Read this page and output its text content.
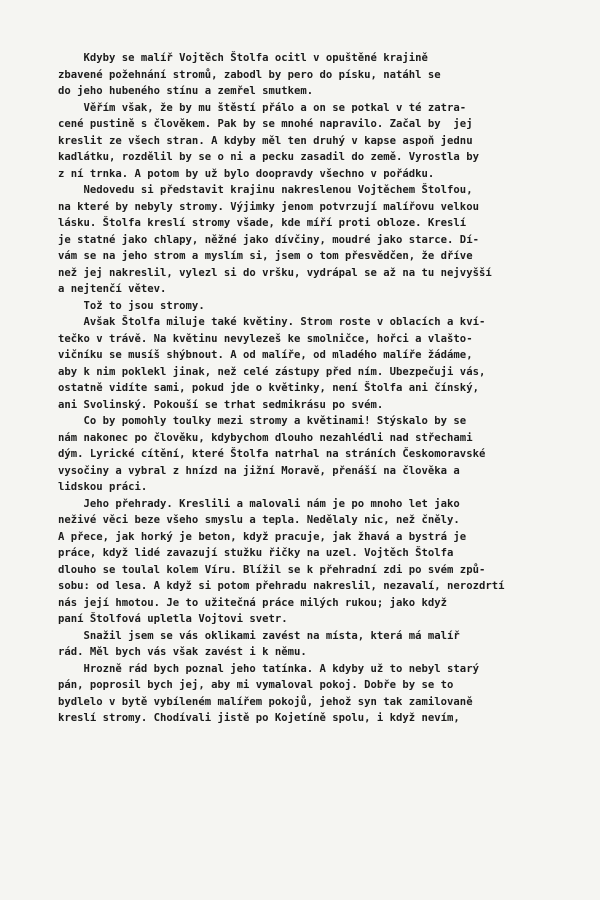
Kdyby se malíř Vojtěch Štolfa ocitl v opuštěné krajině
zbavené požehnání stromů, zabodl by pero do písku, natáhl se
do jeho hubeného stínu a zemřel smutkem.
Věřím však, že by mu štěstí přálo a on se potkal v té zatra-
cené pustině s člověkem. Pak by se mnohé napravilo. Začal by  jej
kreslit ze všech stran. A kdyby měl ten druhý v kapse aspoň jednu
kadlátku, rozdělil by se o ni a pecku zasadil do země. Vyrostla by
z ní trnka. A potom by už bylo doopravdy všechno v pořádku.
Nedovedu si představit krajinu nakreslenou Vojtěchem Štolfou,
na které by nebyly stromy. Výjimky jenom potvrzují malířovu velkou
lásku. Štolfa kreslí stromy všade, kde míří proti obloze. Kreslí
je statné jako chlapy, něžné jako dívčiny, moudré jako starce. Dí-
vám se na jeho strom a myslím si, jsem o tom přesvědčen, že dříve
než jej nakreslil, vylezl si do vršku, vydrápal se až na tu nejvyšší
a nejtenčí větev.
Tož to jsou stromy.
Avšak Štolfa miluje také květiny. Strom roste v oblacích a kví-
tečko v trávě. Na květinu nevylezeš ke smolničce, hořci a vlašto-
vičníku se musíš shýbnout. A od malíře, od mladého malíře žádáme,
aby k nim poklekl jinak, než celé zástupy před ním. Ubezpečuji vás,
ostatně vidíte sami, pokud jde o květinky, není Štolfa ani čínský,
ani Svolinský. Pokouší se trhat sedmikrásu po svém.
Co by pomohly toulky mezi stromy a květinami! Stýskalo by se
nám nakonec po člověku, kdybychom dlouho nezahlédli nad střechami
dým. Lyrické cítění, které Štolfa natrhal na stráních Českomoravské
vysočiny a vybral z hnízd na jižní Moravě, přenáší na člověka a
lidskou práci.
Jeho přehrady. Kreslili a malovali nám je po mnoho let jako
neživé věci beze všeho smyslu a tepla. Nedělaly nic, než čněly.
A přece, jak horký je beton, když pracuje, jak žhavá a bystrá je
práce, když lidé zavazují stužku řičky na uzel. Vojtěch Štolfa
dlouho se toulal kolem Víru. Blížil se k přehradní zdi po svém způ-
sobu: od lesa. A když si potom přehradu nakreslil, nezavalí, nerozdrtí
nás její hmotou. Je to užitečná práce milých rukou; jako když
paní Štolfová upletla Vojtovi svetr.
Snažil jsem se vás oklikami zavést na místa, která má malíř
rád. Měl bych vás však zavést i k němu.
Hrozně rád bych poznal jeho tatínka. A kdyby už to nebyl starý
pán, poprosil bych jej, aby mi vymaloval pokoj. Dobře by se to
bydlelo v bytě vybíleném malířem pokojů, jehož syn tak zamilovaně
kreslí stromy. Chodívali jistě po Kojetíně spolu, i když nevím,
